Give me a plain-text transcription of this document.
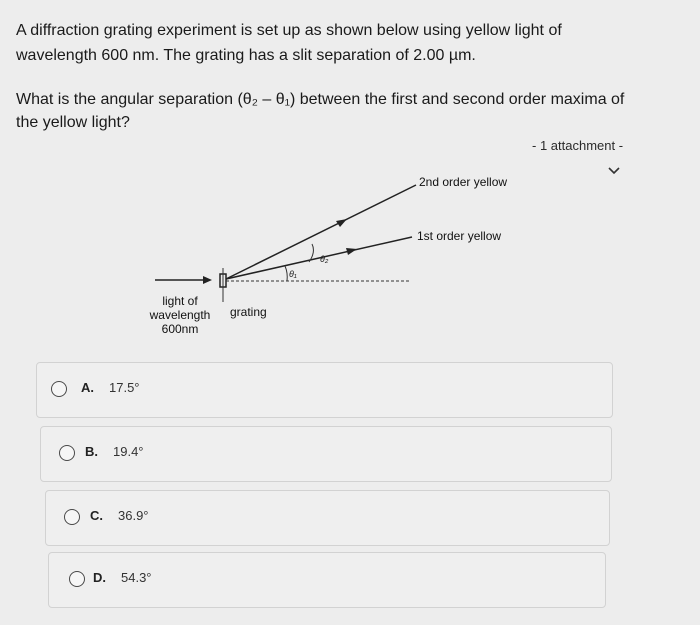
A diffraction grating experiment is set up as shown below using yellow light of wavelength 600 nm. The grating has a slit separation of 2.00 µm.
What is the angular separation (θ₂ – θ₁) between the first and second order maxima of the yellow light?
- 1 attachment -
θ₁
θ₂
2nd order yellow
1st order yellow
light of
wavelength
600nm
grating
A. 17.5°
B. 19.4°
C. 36.9°
D. 54.3°
